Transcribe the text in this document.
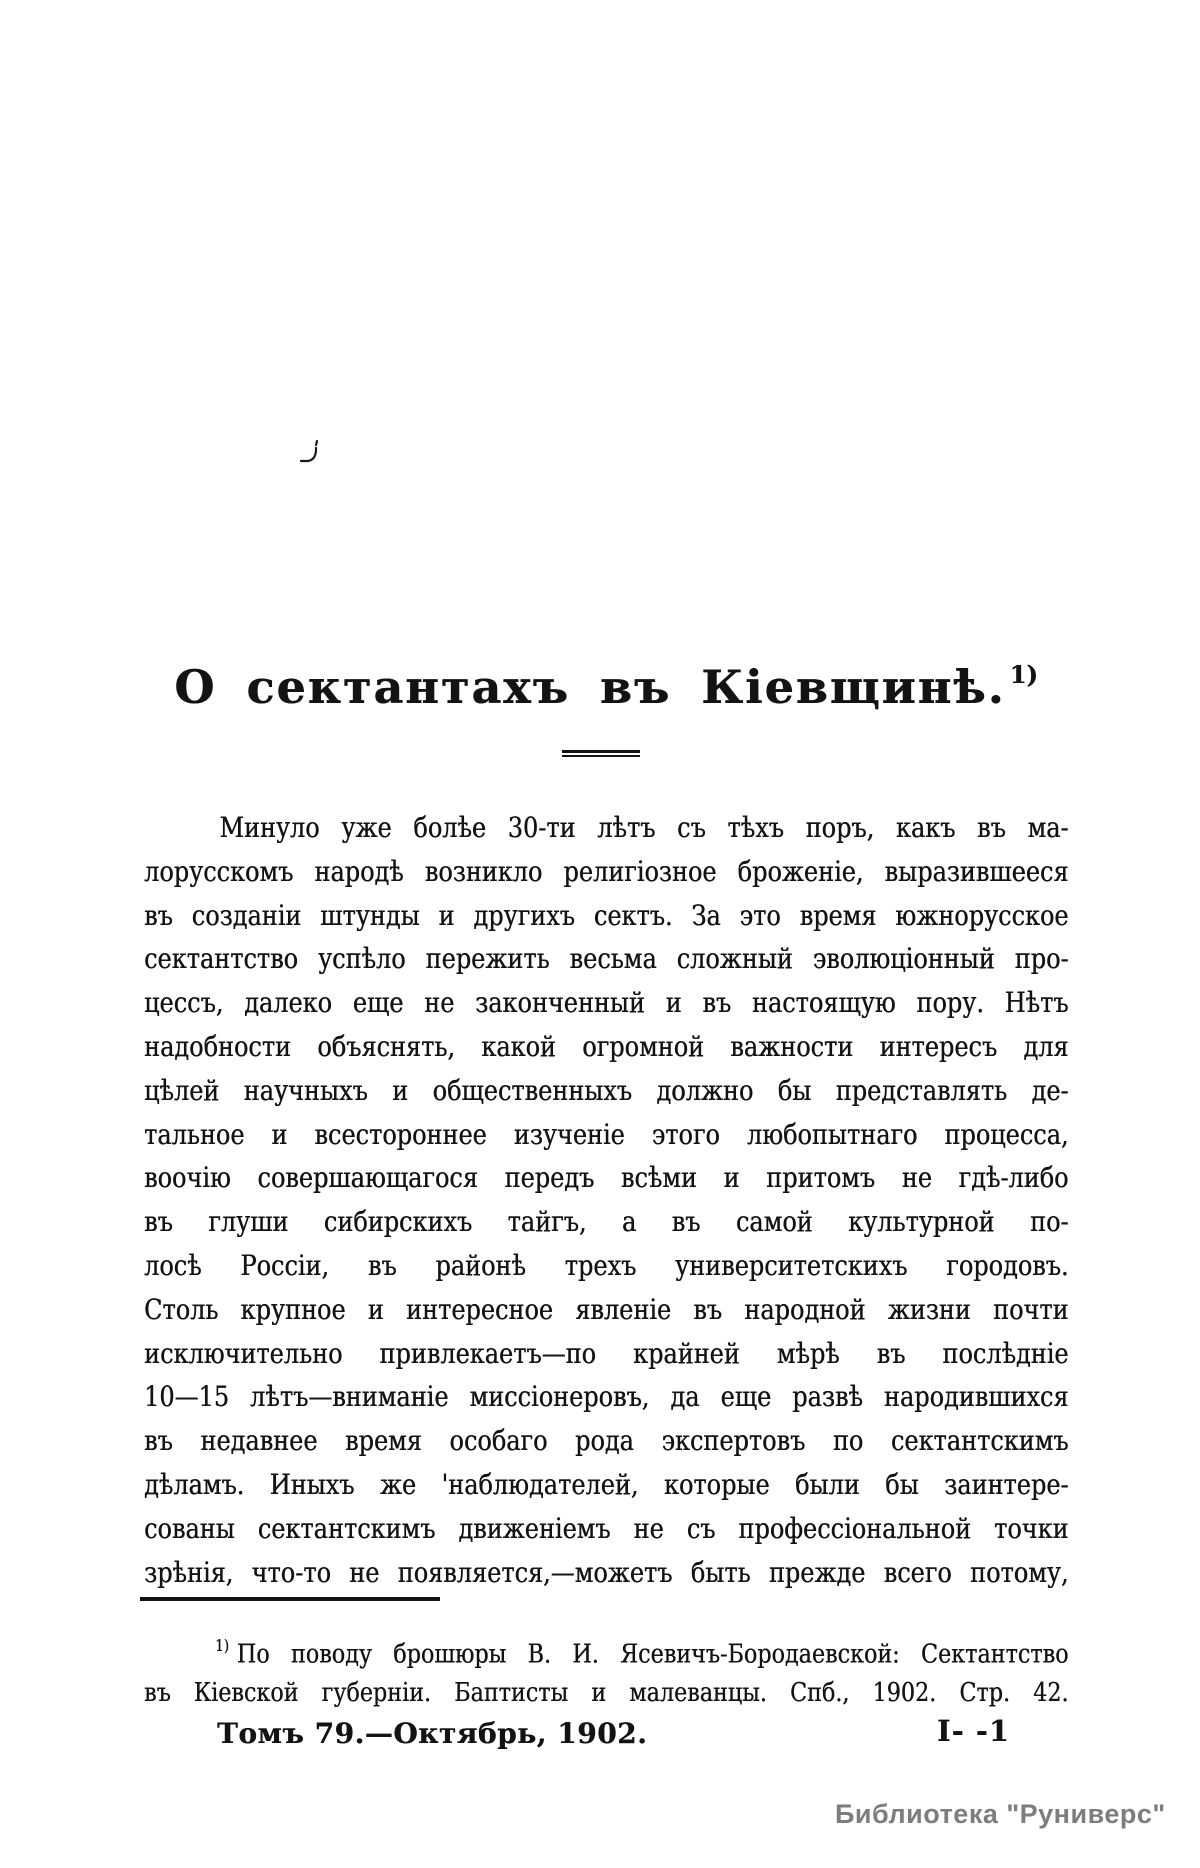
О сектантахъ въ Кіевщинѣ. $^{1)}$
Минуло уже болѣе 30-ти лѣтъ съ тѣхъ поръ, какъ въ ма-
лорусскомъ народѣ возникло религіозное броженіе, выразившееся
въ созданіи штунды и другихъ сектъ. За это время южнорусское
сектантство успѣло пережить весьма сложный эволюціонный про-
цессъ, далеко еще не законченный и въ настоящую пору. Нѣтъ
надобности объяснять, какой огромной важности интересъ для
цѣлей научныхъ и общественныхъ должно бы представлять де-
тальное и всестороннее изученіе этого любопытнаго процесса,
воочію совершающагося передъ всѣми и притомъ не гдѣ-либо
въ глуши сибирскихъ тайгъ, а въ самой культурной по-
лосѣ Россіи, въ районѣ трехъ университетскихъ городовъ.
Столь крупное и интересное явленіе въ народной жизни почти
исключительно привлекаетъ—по крайней мѣрѣ въ послѣдніе
10—15 лѣтъ—вниманіе миссіонеровъ, да еще развѣ народившихся
въ недавнее время особаго рода экспертовъ по сектантскимъ
дѣламъ. Иныхъ же 'наблюдателей, которые были бы заинтере-
сованы сектантскимъ движеніемъ не съ профессіональной точки
зрѣнія, что-то не появляется,—можетъ быть прежде всего потому,
$^{1)}$ По поводу брошюры В. И. Ясевичъ-Бородаевской: Сектантство
въ Кіевской губерніи. Баптисты и малеванцы. Спб., 1902. Стр. 42.
Томъ 79.—Октябрь, 1902.	I- -1
Библиотека "Руниверс"
